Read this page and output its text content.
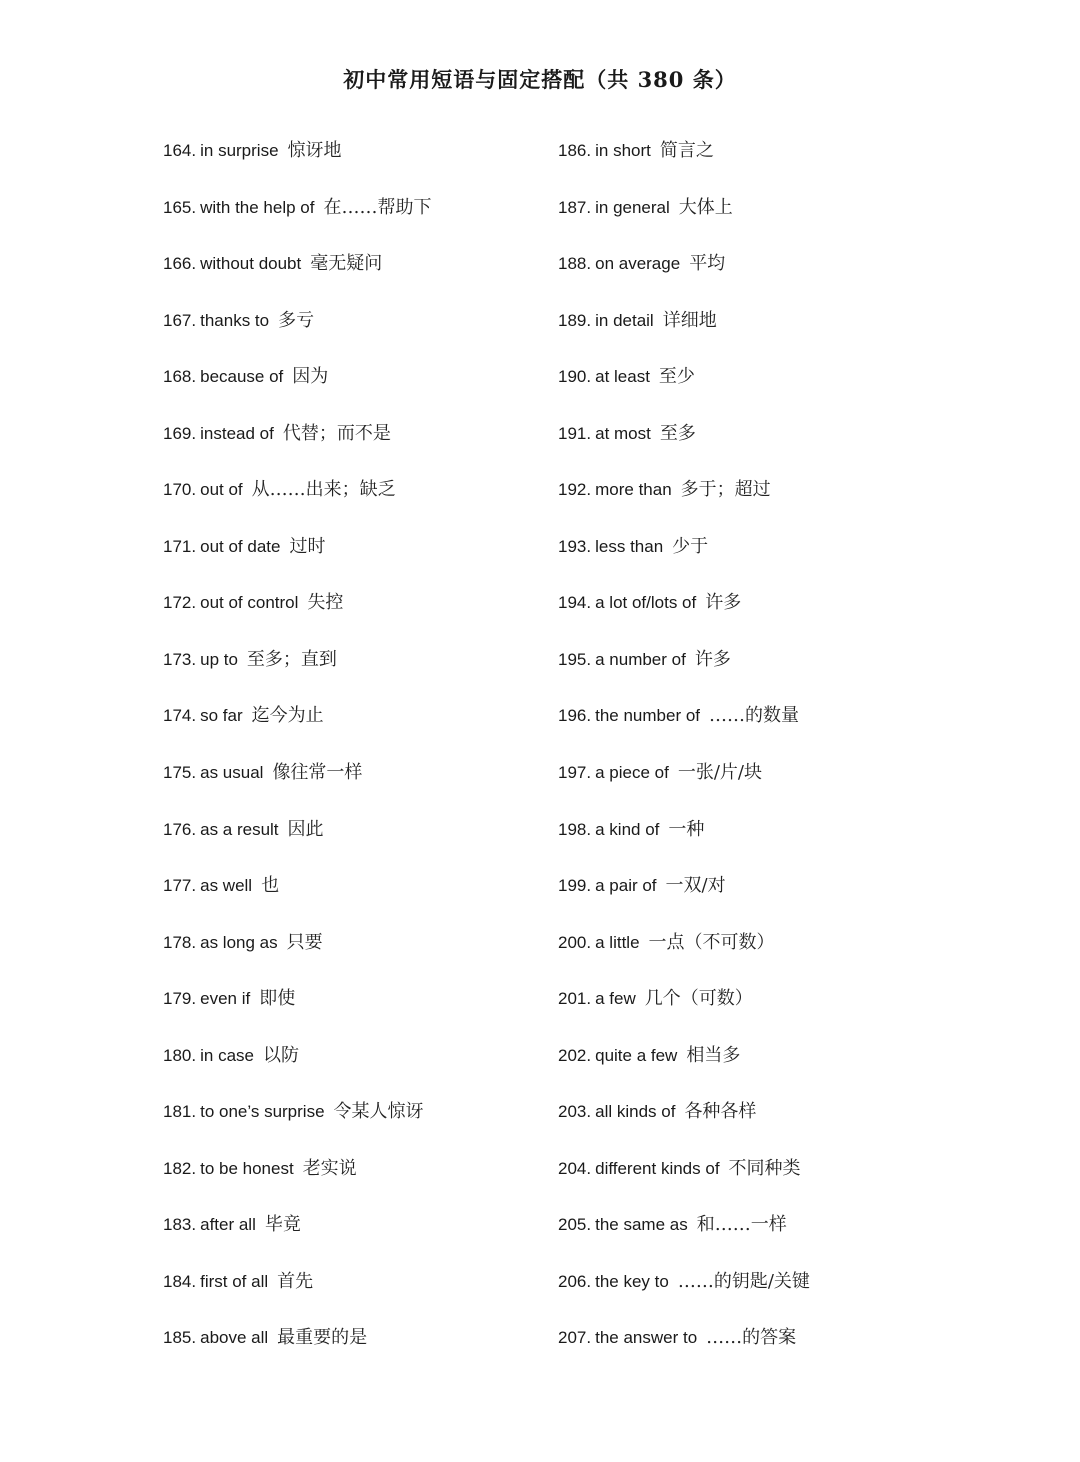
初中常用短语与固定搭配（共 380 条）
164 . in surprise 惊讶地
165 . with the help of 在……帮助下
166 . without doubt 毫无疑问
167 . thanks to 多亏
168 . because of 因为
169 . instead of 代替；而不是
170 . out of 从……出来；缺乏
171 . out of date 过时
172 . out of control 失控
173 . up to 至多；直到
174 . so far 迄今为止
175 . as usual 像往常一样
176 . as a result 因此
177 . as well 也
178 . as long as 只要
179 . even if 即使
180 . in case 以防
181 . to one’s surprise 令某人惊讶
182 . to be honest 老实说
183 . after all 毕竟
184 . first of all 首先
185 . above all 最重要的是
186 . in short 简言之
187 . in general 大体上
188 . on average 平均
189 . in detail 详细地
190 . at least 至少
191 . at most 至多
192 . more than 多于；超过
193 . less than 少于
194 . a lot of/lots of 许多
195 . a number of 许多
196 . the number of ……的数量
197 . a piece of 一张/片/块
198 . a kind of 一种
199 . a pair of 一双/对
200 . a little 一点（不可数）
201 . a few 几个（可数）
202 . quite a few 相当多
203 . all kinds of 各种各样
204 . different kinds of 不同种类
205 . the same as 和……一样
206 . the key to ……的钥匙/关键
207 . the answer to ……的答案
